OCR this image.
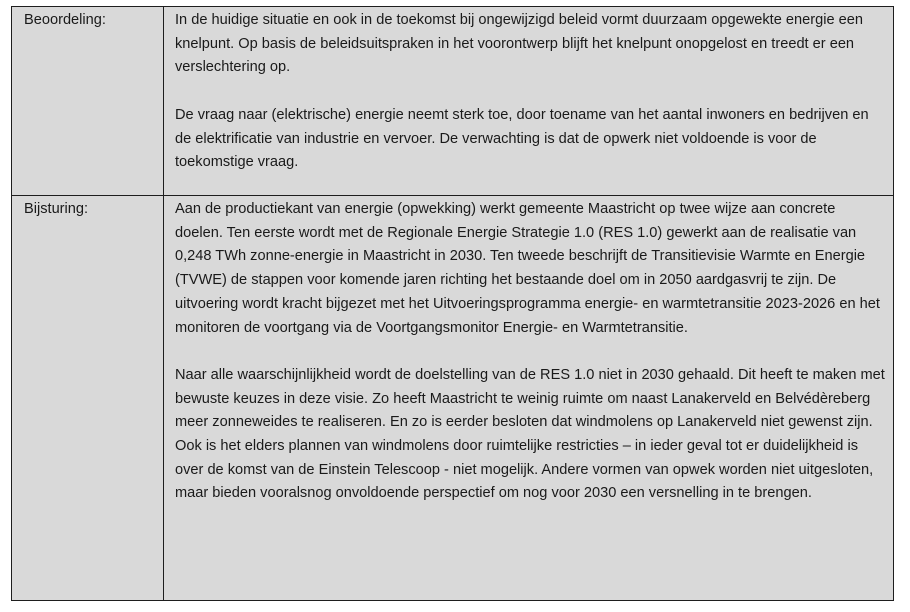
Beoordeling:	In de huidige situatie en ook in de toekomst bij ongewijzigd beleid vormt duurzaam opgewekte energie een knelpunt. Op basis de beleidsuitspraken in het voorontwerp blijft het knelpunt onopgelost en treedt er een verslechtering op.

De vraag naar (elektrische) energie neemt sterk toe, door toename van het aantal inwoners en bedrijven en de elektrificatie van industrie en vervoer. De verwachting is dat de opwerk niet voldoende is voor de toekomstige vraag.

Bijsturing:	Aan de productiekant van energie (opwekking) werkt gemeente Maastricht op twee wijze aan concrete doelen. Ten eerste wordt met de Regionale Energie Strategie 1.0 (RES 1.0) gewerkt aan de realisatie van 0,248 TWh zonne-energie in Maastricht in 2030. Ten tweede beschrijft de Transitievisie Warmte en Energie (TVWE) de stappen voor komende jaren richting het bestaande doel om in 2050 aardgasvrij te zijn. De uitvoering wordt kracht bijgezet met het Uitvoeringsprogramma energie- en warmtetransitie 2023-2026 en het monitoren de voortgang via de Voortgangsmonitor Energie- en Warmtetransitie.

Naar alle waarschijnlijkheid wordt de doelstelling van de RES 1.0 niet in 2030 gehaald. Dit heeft te maken met bewuste keuzes in deze visie. Zo heeft Maastricht te weinig ruimte om naast Lanakerveld en Belvédèreberg meer zonneweides te realiseren. En zo is eerder besloten dat windmolens op Lanakerveld niet gewenst zijn. Ook is het elders plannen van windmolens door ruimtelijke restricties – in ieder geval tot er duidelijkheid is over de komst van de Einstein Telescoop - niet mogelijk. Andere vormen van opwek worden niet uitgesloten, maar bieden vooralsnog onvoldoende perspectief om nog voor 2030 een versnelling in te brengen.
